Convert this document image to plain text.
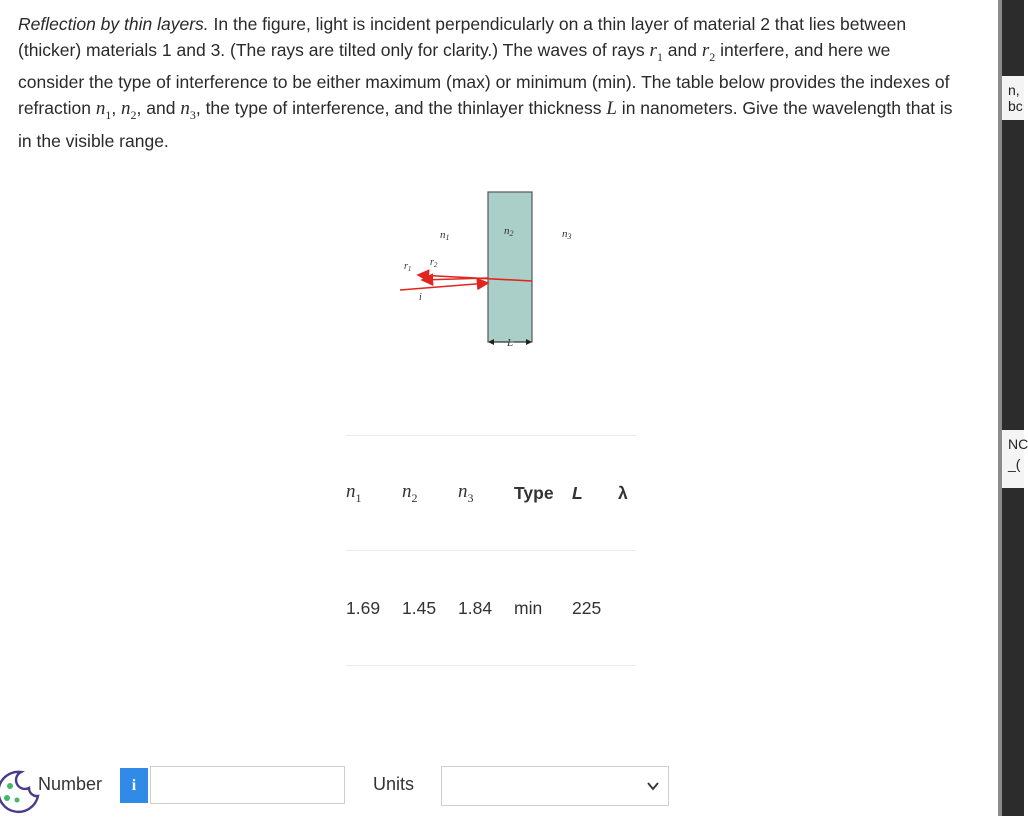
Reflection by thin layers. In the figure, light is incident perpendicularly on a thin layer of material 2 that lies between (thicker) materials 1 and 3. (The rays are tilted only for clarity.) The waves of rays $r_1$ and $r_2$ interfere, and here we consider the type of interference to be either maximum (max) or minimum (min). The table below provides the indexes of refraction $n_1$, $n_2$, and $n_3$, the type of interference, and the thinlayer thickness L in nanometers. Give the wavelength that is in the visible range.
n1
n2	n3
$r_1$
$r_2$
i
L
$n_1$	$n_2$	$n_3$	Type	L	λ
1.69	1.45	1.84	min	225	
Number	i	Units
n,
bc
NC
_(
